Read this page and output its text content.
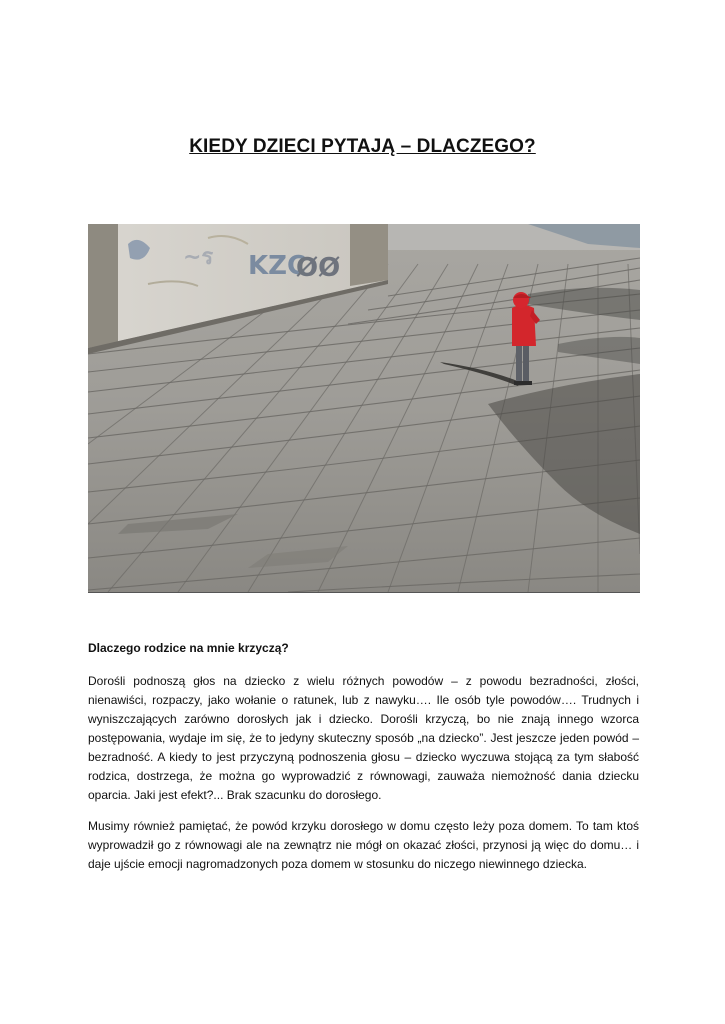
KIEDY DZIECI PYTAJĄ – DLACZEGO?
~ร KZC
ØØ
Dlaczego rodzice na mnie krzyczą?
Dorośli podnoszą głos na dziecko z wielu różnych powodów – z powodu bezradności, złości, nienawiści, rozpaczy, jako wołanie o ratunek, lub z nawyku…. Ile osób tyle powodów…. Trudnych i wyniszczających zarówno dorosłych jak i dziecko. Dorośli krzyczą, bo nie znają innego wzorca postępowania, wydaje im się, że to jedyny skuteczny sposób „na dziecko”. Jest jeszcze jeden powód – bezradność. A kiedy to jest przyczyną podnoszenia głosu – dziecko wyczuwa stojącą za tym słabość rodzica, dostrzega, że można go wyprowadzić z równowagi, zauważa niemożność dania dziecku oparcia. Jaki jest efekt?... Brak szacunku do dorosłego.
Musimy również pamiętać, że powód krzyku dorosłego w domu często leży poza domem. To tam ktoś wyprowadził go z równowagi ale na zewnątrz nie mógł on okazać złości, przynosi ją więc do domu… i daje ujście emocji nagromadzonych poza domem w stosunku do niczego niewinnego dziecka.
